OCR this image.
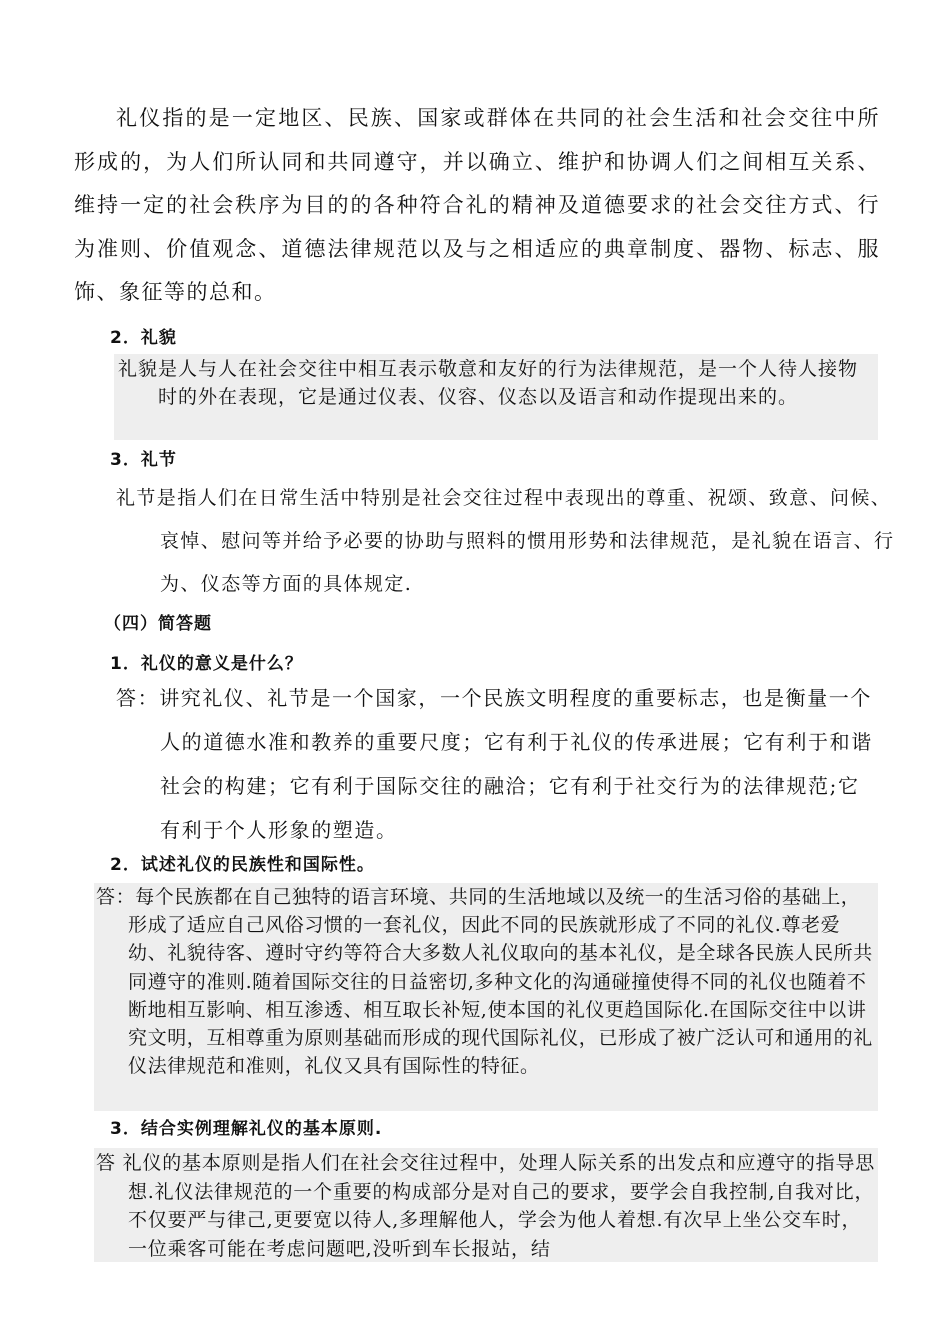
礼仪指的是一定地区、民族、国家或群体在共同的社会生活和社会交往中所形成的，为人们所认同和共同遵守，并以确立、维护和协调人们之间相互关系、维持一定的社会秩序为目的的各种符合礼的精神及道德要求的社会交往方式、行为准则、价值观念、道德法律规范以及与之相适应的典章制度、器物、标志、服饰、象征等的总和。

2．礼貌

礼貌是人与人在社会交往中相互表示敬意和友好的行为法律规范，是一个人待人接物时的外在表现，它是通过仪表、仪容、仪态以及语言和动作提现出来的。

3．礼节

礼节是指人们在日常生活中特别是社会交往过程中表现出的尊重、祝颂、致意、问候、哀悼、慰问等并给予必要的协助与照料的惯用形势和法律规范，是礼貌在语言、行为、仪态等方面的具体规定.

（四）简答题
1．礼仪的意义是什么？

答：讲究礼仪、礼节是一个国家，一个民族文明程度的重要标志，也是衡量一个人的道德水准和教养的重要尺度；它有利于礼仪的传承进展；它有利于和谐社会的构建；它有利于国际交往的融洽；它有利于社交行为的法律规范;它有利于个人形象的塑造。

2．试述礼仪的民族性和国际性。

答：每个民族都在自己独特的语言环境、共同的生活地域以及统一的生活习俗的基础上，形成了适应自己风俗习惯的一套礼仪，因此不同的民族就形成了不同的礼仪.尊老爱幼、礼貌待客、遵时守约等符合大多数人礼仪取向的基本礼仪，是全球各民族人民所共同遵守的准则.随着国际交往的日益密切,多种文化的沟通碰撞使得不同的礼仪也随着不断地相互影响、相互渗透、相互取长补短,使本国的礼仪更趋国际化.在国际交往中以讲究文明，互相尊重为原则基础而形成的现代国际礼仪，已形成了被广泛认可和通用的礼仪法律规范和准则，礼仪又具有国际性的特征。

3．结合实例理解礼仪的基本原则.

答 礼仪的基本原则是指人们在社会交往过程中，处理人际关系的出发点和应遵守的指导思想.礼仪法律规范的一个重要的构成部分是对自己的要求，要学会自我控制,自我对比，不仅要严与律己,更要宽以待人,多理解他人，学会为他人着想.有次早上坐公交车时，一位乘客可能在考虑问题吧,没听到车长报站，结
